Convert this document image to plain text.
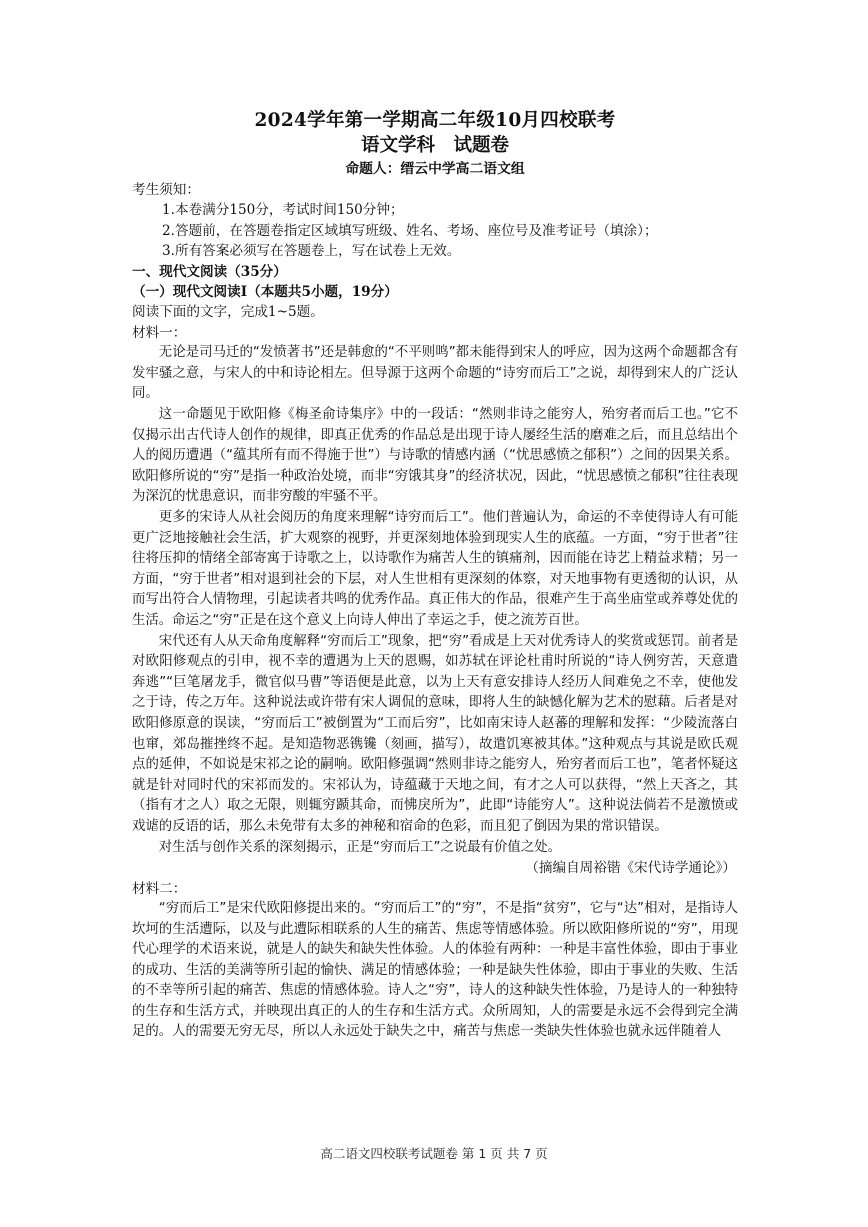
2024学年第一学期高二年级10月四校联考

语文学科　试题卷

命题人：缙云中学高二语文组

考生须知：

1.本卷满分150分，考试时间150分钟；

2.答题前，在答题卷指定区域填写班级、姓名、考场、座位号及准考证号（填涂）；

3.所有答案必须写在答题卷上，写在试卷上无效。

一、现代文阅读（35分）

（一）现代文阅读Ⅰ（本题共5小题，19分）

阅读下面的文字，完成1~5题。

材料一：

无论是司马迁的“发愤著书”还是韩愈的“不平则鸣”都未能得到宋人的呼应，因为这两个命题都含有发牢骚之意，与宋人的中和诗论相左。但导源于这两个命题的“诗穷而后工”之说，却得到宋人的广泛认同。

这一命题见于欧阳修《梅圣俞诗集序》中的一段话：“然则非诗之能穷人，殆穷者而后工也。”它不仅揭示出古代诗人创作的规律，即真正优秀的作品总是出现于诗人屡经生活的磨难之后，而且总结出个人的阅历遭遇（“蕴其所有而不得施于世”）与诗歌的情感内涵（“忧思感愤之郁积”）之间的因果关系。欧阳修所说的“穷”是指一种政治处境，而非“穷饿其身”的经济状况，因此，“忧思感愤之郁积”往往表现为深沉的忧患意识，而非穷酸的牢骚不平。

更多的宋诗人从社会阅历的角度来理解“诗穷而后工”。他们普遍认为，命运的不幸使得诗人有可能更广泛地接触社会生活，扩大观察的视野，并更深刻地体验到现实人生的底蕴。一方面，“穷于世者”往往将压抑的情绪全部寄寓于诗歌之上，以诗歌作为痛苦人生的镇痛剂，因而能在诗艺上精益求精；另一方面，“穷于世者”相对退到社会的下层，对人生世相有更深刻的体察，对天地事物有更透彻的认识，从而写出符合人情物理，引起读者共鸣的优秀作品。真正伟大的作品，很难产生于高坐庙堂或养尊处优的生活。命运之“穷”正是在这个意义上向诗人伸出了幸运之手，使之流芳百世。

宋代还有人从天命角度解释“穷而后工”现象，把“穷”看成是上天对优秀诗人的奖赏或惩罚。前者是对欧阳修观点的引申，视不幸的遭遇为上天的恩赐，如苏轼在评论杜甫时所说的“诗人例穷苦，天意遣奔逃”“巨笔屠龙手，微官似马曹”等语便是此意，以为上天有意安排诗人经历人间难免之不幸，使他发之于诗，传之万年。这种说法或许带有宋人调侃的意味，即将人生的缺憾化解为艺术的慰藉。后者是对欧阳修原意的误读，“穷而后工”被倒置为“工而后穷”，比如南宋诗人赵蕃的理解和发挥：“少陵流落白也窜，郊岛摧挫终不起。是知造物恶镌镵（刻画，描写），故遣饥寒被其体。”这种观点与其说是欧氏观点的延伸，不如说是宋祁之论的嗣响。欧阳修强调“然则非诗之能穷人，殆穷者而后工也”，笔者怀疑这就是针对同时代的宋祁而发的。宋祁认为，诗蕴藏于天地之间，有才之人可以获得，“然上天吝之，其（指有才之人）取之无限，则辄穷踬其命，而怫戾所为”，此即“诗能穷人”。这种说法倘若不是激愤或戏谑的反语的话，那么未免带有太多的神秘和宿命的色彩，而且犯了倒因为果的常识错误。

对生活与创作关系的深刻揭示，正是“穷而后工”之说最有价值之处。

（摘编自周裕锴《宋代诗学通论》）

材料二：

“穷而后工”是宋代欧阳修提出来的。“穷而后工”的“穷”，不是指“贫穷”，它与“达”相对，是指诗人坎坷的生活遭际，以及与此遭际相联系的人生的痛苦、焦虑等情感体验。所以欧阳修所说的“穷”，用现代心理学的术语来说，就是人的缺失和缺失性体验。人的体验有两种：一种是丰富性体验，即由于事业的成功、生活的美满等所引起的愉快、满足的情感体验；一种是缺失性体验，即由于事业的失败、生活的不幸等所引起的痛苦、焦虑的情感体验。诗人之“穷”，诗人的这种缺失性体验，乃是诗人的一种独特的生存和生活方式，并映现出真正的人的生存和生活方式。众所周知，人的需要是永远不会得到完全满足的。人的需要无穷无尽，所以人永远处于缺失之中，痛苦与焦虑一类缺失性体验也就永远伴随着人

高二语文四校联考试题卷 第 1 页 共 7 页
